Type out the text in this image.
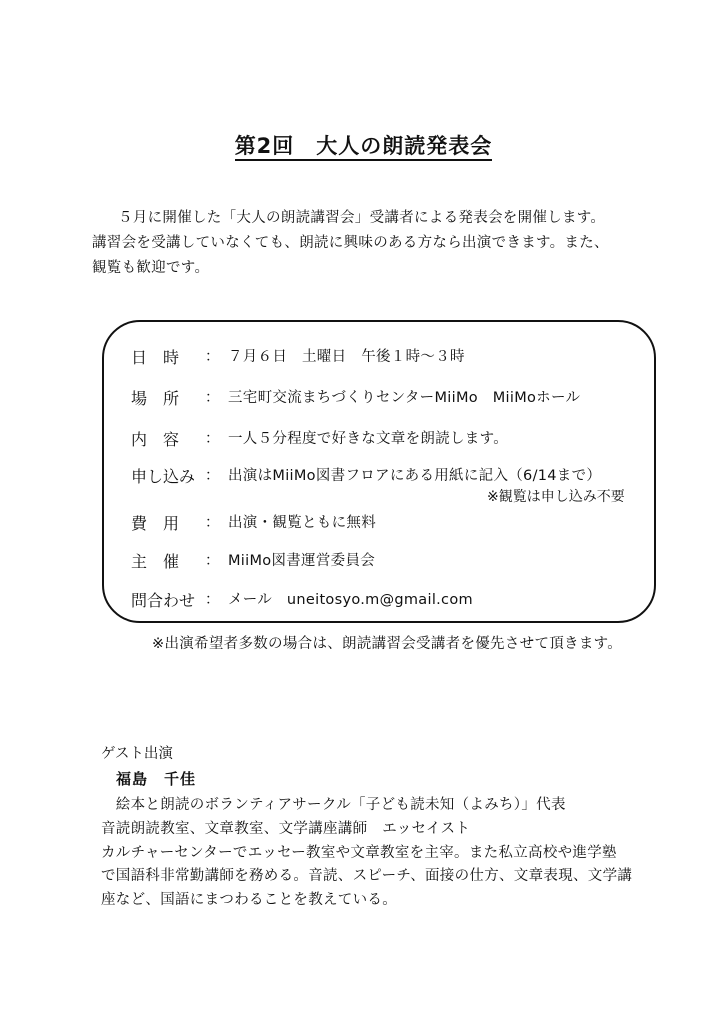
第2回　大人の朗読発表会
５月に開催した「大人の朗読講習会」受講者による発表会を開催します。
講習会を受講していなくても、朗読に興味のある方なら出演できます。また、
観覧も歓迎です。
日　時 ： ７月６日　土曜日　午後１時～３時
場　所 ： 三宅町交流まちづくりセンターMiiMo　MiiMoホール
内　容 ： 一人５分程度で好きな文章を朗読します。
申し込み ： 出演はMiiMo図書フロアにある用紙に記入（6/14まで）
※観覧は申し込み不要
費　用 ： 出演・観覧ともに無料
主　催 ： MiiMo図書運営委員会
問合わせ ： メール　uneitosyo.m@gmail.com
※出演希望者多数の場合は、朗読講習会受講者を優先させて頂きます。
ゲスト出演
福島　千佳
　絵本と朗読のボランティアサークル「子ども読未知（よみち）」代表
音読朗読教室、文章教室、文学講座講師　エッセイスト
カルチャーセンターでエッセー教室や文章教室を主宰。また私立高校や進学塾
で国語科非常勤講師を務める。音読、スピーチ、面接の仕方、文章表現、文学講
座など、国語にまつわることを教えている。
